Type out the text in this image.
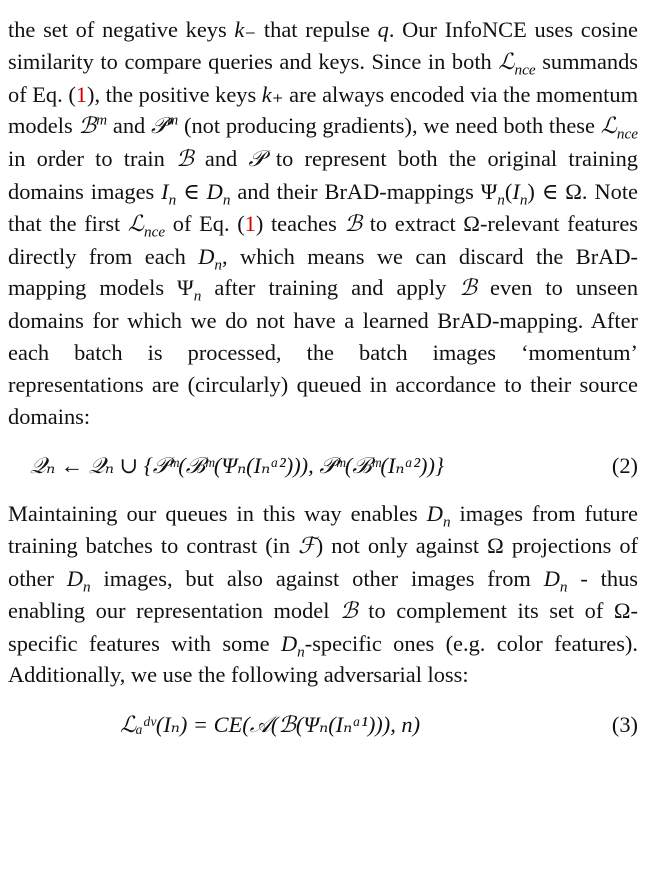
the set of negative keys k₋ that repulse q. Our InfoNCE uses cosine similarity to compare queries and keys. Since in both ℒ$_{nce}$ summands of Eq. (1), the positive keys k₊ are always encoded via the momentum models ℬ$^m$ and 𝒫$^m$ (not producing gradients), we need both these ℒ$_{nce}$ in order to train ℬ and 𝒫 to represent both the original training domains images $I_n$ ∈ $D_n$ and their BrAD-mappings $\Psi_n(I_n)$ ∈ Ω. Note that the first ℒ$_{nce}$ of Eq. (1) teaches ℬ to extract Ω-relevant features directly from each $D_n$, which means we can discard the BrAD-mapping models $\Psi_n$ after training and apply ℬ even to unseen domains for which we do not have a learned BrAD-mapping. After each batch is processed, the batch images ‘momentum’ representations are (circularly) queued in accordance to their source domains:

𝒬ₙ ← 𝒬ₙ ∪ {𝒫ᵐ(ℬᵐ(Ψₙ(Iₙᵃ²))), 𝒫ᵐ(ℬᵐ(Iₙᵃ²))}	(2)

Maintaining our queues in this way enables $D_n$ images from future training batches to contrast (in ℱ) not only against Ω projections of other $D_n$ images, but also against other images from $D_n$ - thus enabling our representation model ℬ to complement its set of Ω-specific features with some $D_n$-specific ones (e.g. color features). Additionally, we use the following adversarial loss:

ℒₐᵈᵛ(Iₙ) = CE(𝒜(ℬ(Ψₙ(Iₙᵃ¹))), n)	(3)
